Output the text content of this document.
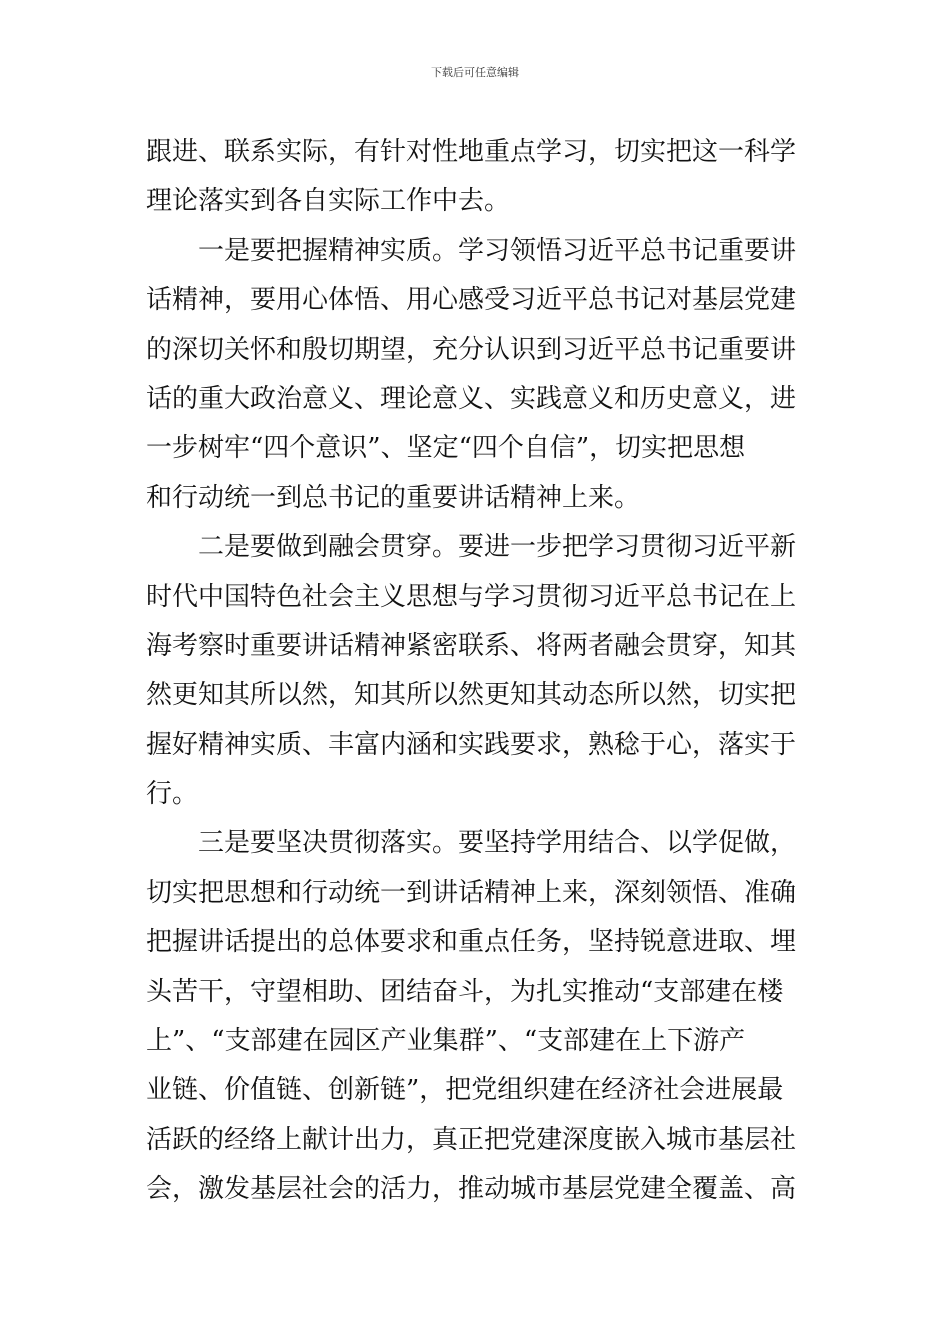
下载后可任意编辑

跟进、联系实际，有针对性地重点学习，切实把这一科学
理论落实到各自实际工作中去。

一是要把握精神实质。学习领悟习近平总书记重要讲
话精神，要用心体悟、用心感受习近平总书记对基层党建
的深切关怀和殷切期望，充分认识到习近平总书记重要讲
话的重大政治意义、理论意义、实践意义和历史意义，进
一步树牢“四个意识”、坚定“四个自信”，切实把思想
和行动统一到总书记的重要讲话精神上来。

二是要做到融会贯穿。要进一步把学习贯彻习近平新
时代中国特色社会主义思想与学习贯彻习近平总书记在上
海考察时重要讲话精神紧密联系、将两者融会贯穿，知其
然更知其所以然，知其所以然更知其动态所以然，切实把
握好精神实质、丰富内涵和实践要求，熟稔于心，落实于
行。

三是要坚决贯彻落实。要坚持学用结合、以学促做，
切实把思想和行动统一到讲话精神上来，深刻领悟、准确
把握讲话提出的总体要求和重点任务，坚持锐意进取、埋
头苦干，守望相助、团结奋斗，为扎实推动“支部建在楼
上”、“支部建在园区产业集群”、“支部建在上下游产
业链、价值链、创新链”，把党组织建在经济社会进展最
活跃的经络上献计出力，真正把党建深度嵌入城市基层社
会，激发基层社会的活力，推动城市基层党建全覆盖、高
